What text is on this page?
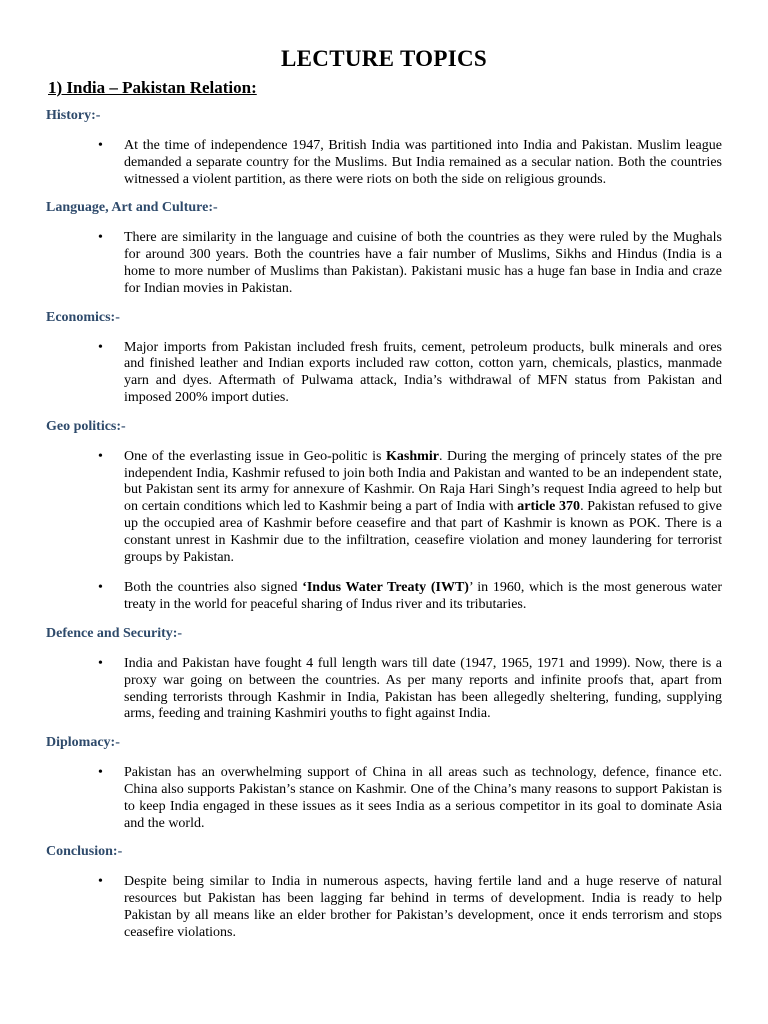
LECTURE TOPICS
1) India – Pakistan Relation:
History:-
• At the time of independence 1947, British India was partitioned into India and Pakistan. Muslim league demanded a separate country for the Muslims. But India remained as a secular nation. Both the countries witnessed a violent partition, as there were riots on both the side on religious grounds.
Language, Art and Culture:-
• There are similarity in the language and cuisine of both the countries as they were ruled by the Mughals for around 300 years. Both the countries have a fair number of Muslims, Sikhs and Hindus (India is a home to more number of Muslims than Pakistan). Pakistani music has a huge fan base in India and craze for Indian movies in Pakistan.
Economics:-
• Major imports from Pakistan included fresh fruits, cement, petroleum products, bulk minerals and ores and finished leather and Indian exports included raw cotton, cotton yarn, chemicals, plastics, manmade yarn and dyes. Aftermath of Pulwama attack, India’s withdrawal of MFN status from Pakistan and imposed 200% import duties.
Geo politics:-
• One of the everlasting issue in Geo-politic is Kashmir. During the merging of princely states of the pre independent India, Kashmir refused to join both India and Pakistan and wanted to be an independent state, but Pakistan sent its army for annexure of Kashmir. On Raja Hari Singh’s request India agreed to help but on certain conditions which led to Kashmir being a part of India with article 370. Pakistan refused to give up the occupied area of Kashmir before ceasefire and that part of Kashmir is known as POK. There is a constant unrest in Kashmir due to the infiltration, ceasefire violation and money laundering for terrorist groups by Pakistan.
• Both the countries also signed ‘Indus Water Treaty (IWT)’ in 1960, which is the most generous water treaty in the world for peaceful sharing of Indus river and its tributaries.
Defence and Security:-
• India and Pakistan have fought 4 full length wars till date (1947, 1965, 1971 and 1999). Now, there is a proxy war going on between the countries. As per many reports and infinite proofs that, apart from sending terrorists through Kashmir in India, Pakistan has been allegedly sheltering, funding, supplying arms, feeding and training Kashmiri youths to fight against India.
Diplomacy:-
• Pakistan has an overwhelming support of China in all areas such as technology, defence, finance etc. China also supports Pakistan’s stance on Kashmir. One of the China’s many reasons to support Pakistan is to keep India engaged in these issues as it sees India as a serious competitor in its goal to dominate Asia and the world.
Conclusion:-
• Despite being similar to India in numerous aspects, having fertile land and a huge reserve of natural resources but Pakistan has been lagging far behind in terms of development. India is ready to help Pakistan by all means like an elder brother for Pakistan’s development, once it ends terrorism and stops ceasefire violations.
